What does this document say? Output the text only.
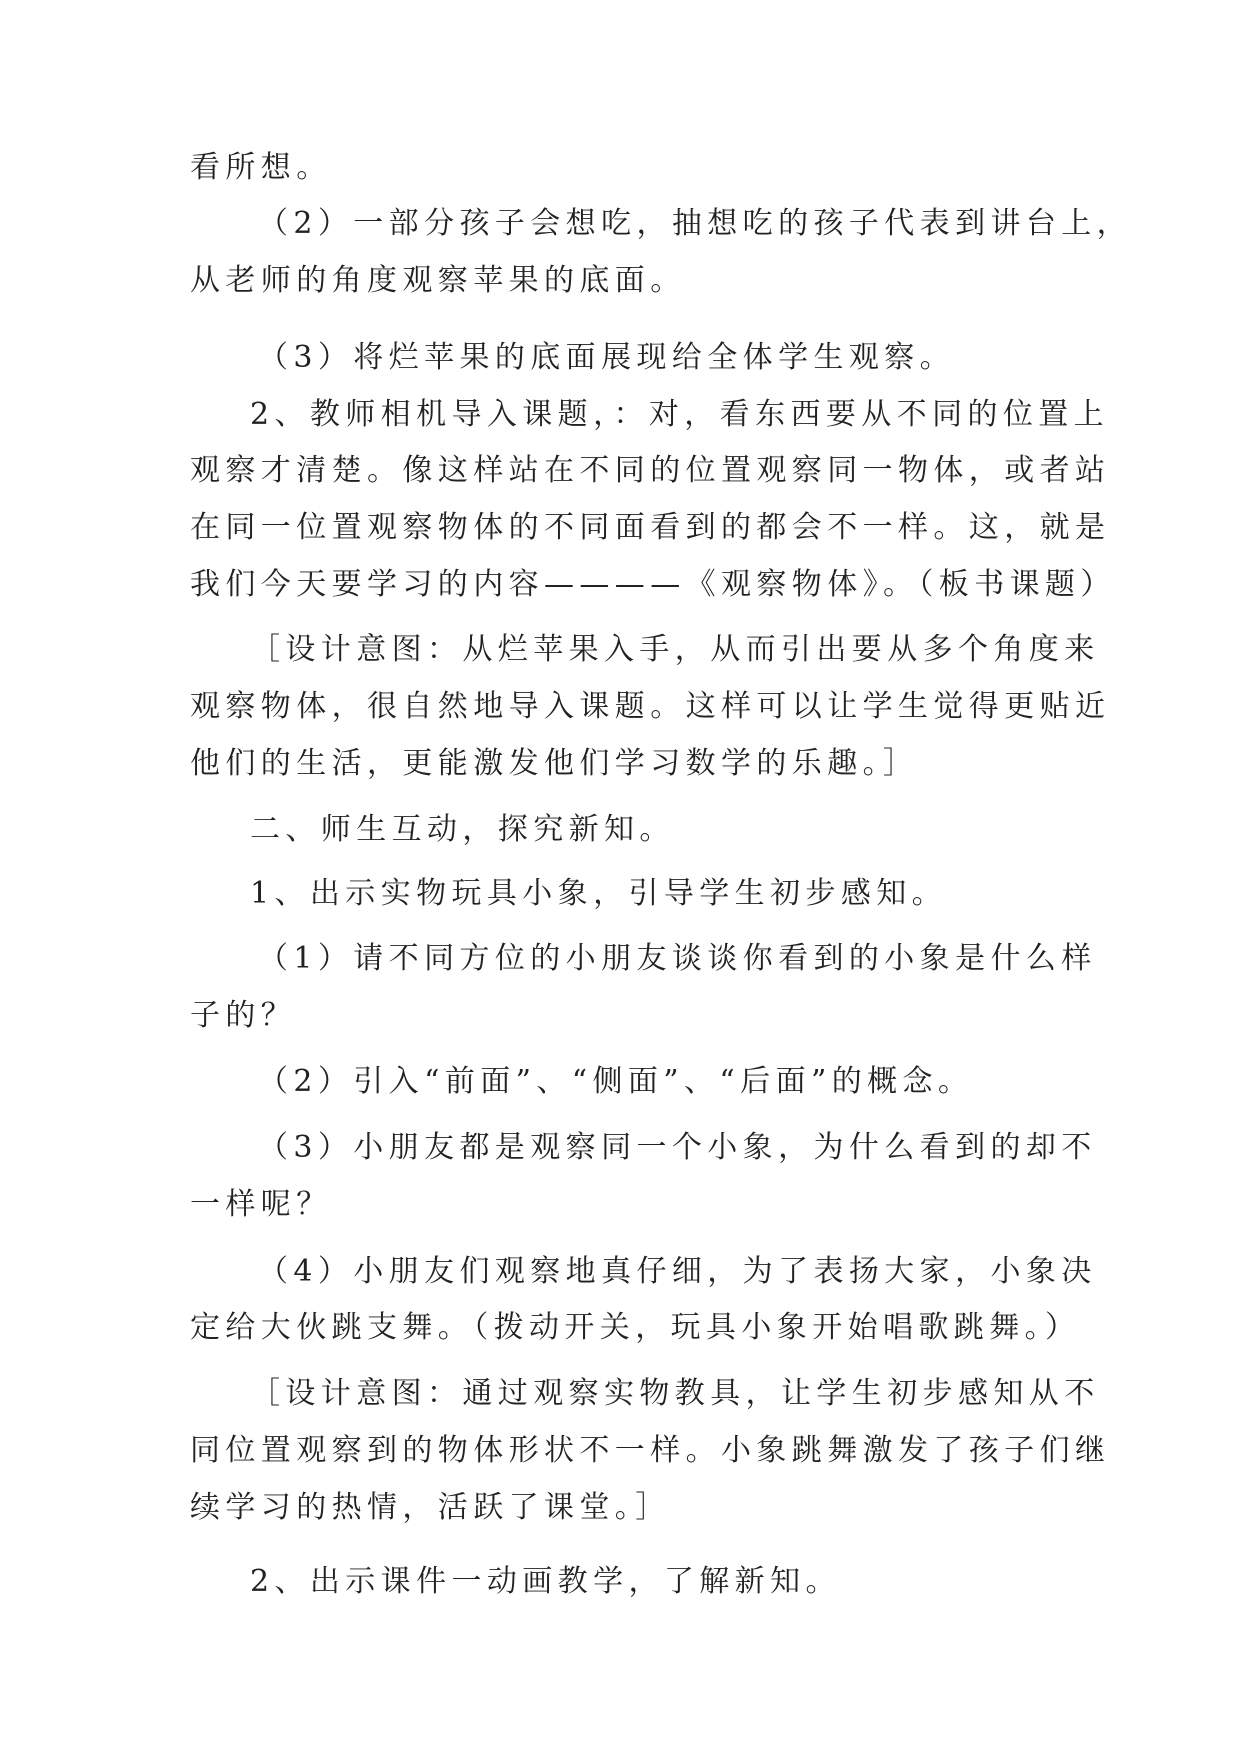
看所想。

（2）一部分孩子会想吃，抽想吃的孩子代表到讲台上，

从老师的角度观察苹果的底面。

（3）将烂苹果的底面展现给全体学生观察。

2、教师相机导入课题，：对，看东西要从不同的位置上

观察才清楚。像这样站在不同的位置观察同一物体，或者站

在同一位置观察物体的不同面看到的都会不一样。这，就是

我们今天要学习的内容————《观察物体》。（板书课题）

［设计意图：从烂苹果入手，从而引出要从多个角度来

观察物体，很自然地导入课题。这样可以让学生觉得更贴近

他们的生活，更能激发他们学习数学的乐趣。］

二、师生互动，探究新知。

1、出示实物玩具小象，引导学生初步感知。

（1）请不同方位的小朋友谈谈你看到的小象是什么样

子的？

（2）引入“前面”、“侧面”、“后面”的概念。

（3）小朋友都是观察同一个小象，为什么看到的却不

一样呢？

（4）小朋友们观察地真仔细，为了表扬大家，小象决

定给大伙跳支舞。（拨动开关，玩具小象开始唱歌跳舞。）

［设计意图：通过观察实物教具，让学生初步感知从不

同位置观察到的物体形状不一样。小象跳舞激发了孩子们继

续学习的热情，活跃了课堂。］

2、出示课件一动画教学，了解新知。
